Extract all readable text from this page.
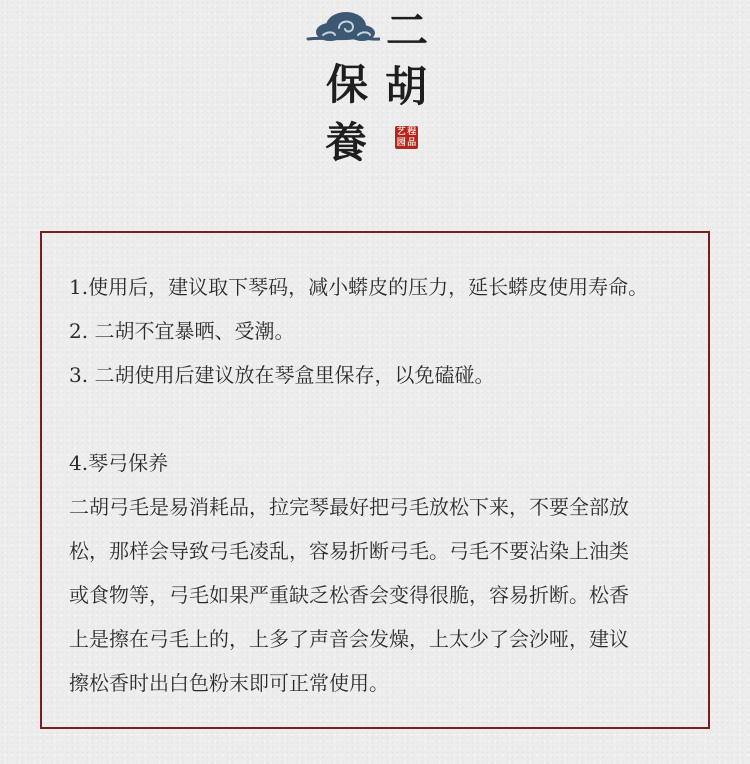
二
胡
保
養	艺 程
园 品

1.使用后，建议取下琴码，减小蟒皮的压力，延长蟒皮使用寿命。

2. 二胡不宜暴晒、受潮。

3. 二胡使用后建议放在琴盒里保存，以免磕碰。

4.琴弓保养

二胡弓毛是易消耗品，拉完琴最好把弓毛放松下来，不要全部放

松，那样会导致弓毛凌乱，容易折断弓毛。弓毛不要沾染上油类

或食物等，弓毛如果严重缺乏松香会变得很脆，容易折断。松香

上是擦在弓毛上的，上多了声音会发燥，上太少了会沙哑，建议

擦松香时出白色粉末即可正常使用。
